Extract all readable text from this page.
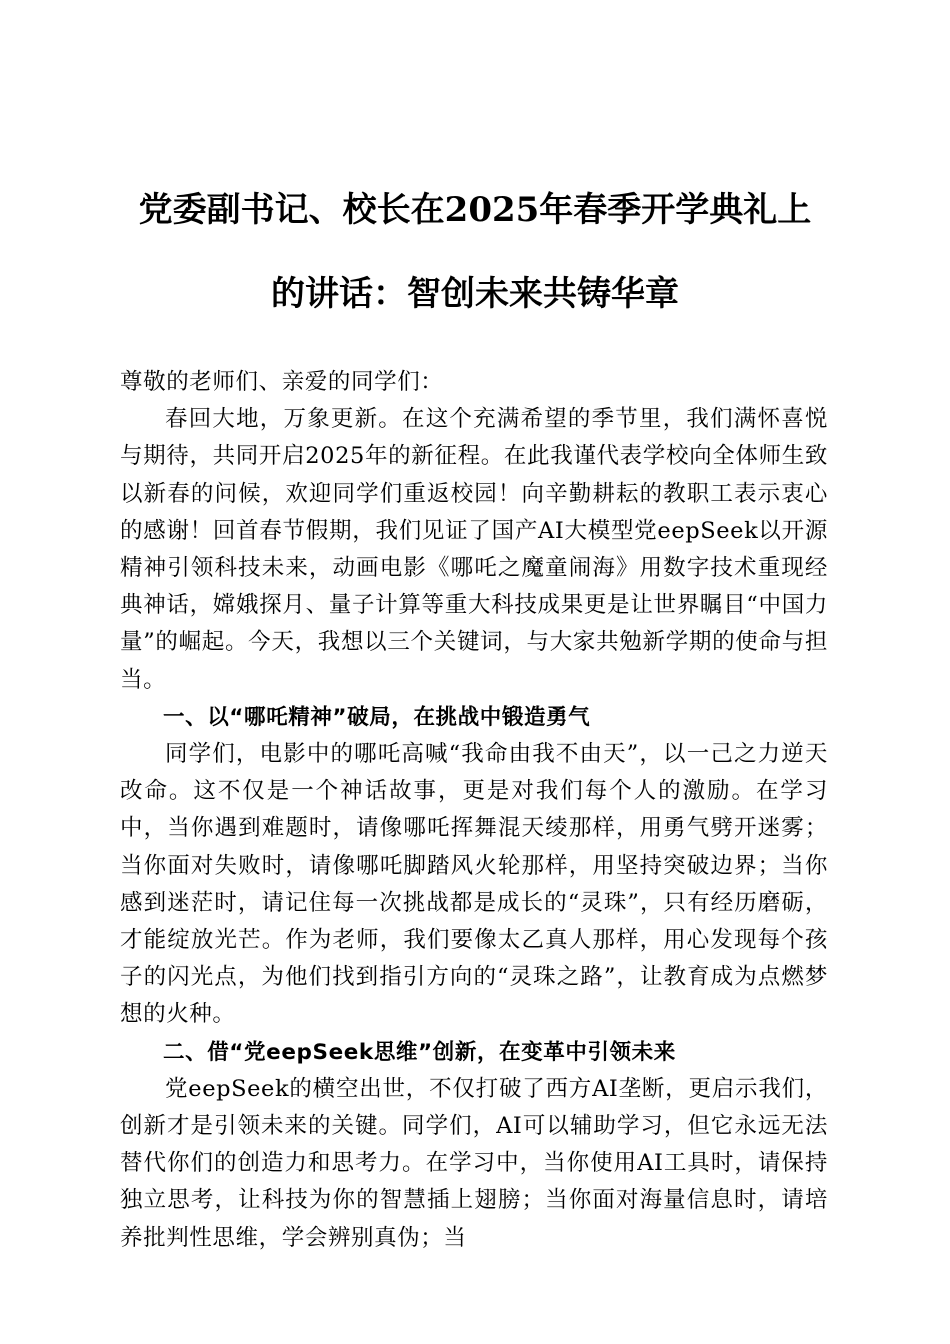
党委副书记、校长在2025年春季开学典礼上
的讲话：智创未来共铸华章

尊敬的老师们、亲爱的同学们：

春回大地，万象更新。在这个充满希望的季节里，我们满怀喜悦与期待，共同开启2025年的新征程。在此我谨代表学校向全体师生致以新春的问候，欢迎同学们重返校园！向辛勤耕耘的教职工表示衷心的感谢！回首春节假期，我们见证了国产AI大模型党eepSeek以开源精神引领科技未来，动画电影《哪吒之魔童闹海》用数字技术重现经典神话，嫦娥探月、量子计算等重大科技成果更是让世界瞩目“中国力量”的崛起。今天，我想以三个关键词，与大家共勉新学期的使命与担当。

一、以“哪吒精神”破局，在挑战中锻造勇气

同学们，电影中的哪吒高喊“我命由我不由天”，以一己之力逆天改命。这不仅是一个神话故事，更是对我们每个人的激励。在学习中，当你遇到难题时，请像哪吒挥舞混天绫那样，用勇气劈开迷雾；当你面对失败时，请像哪吒脚踏风火轮那样，用坚持突破边界；当你感到迷茫时，请记住每一次挑战都是成长的“灵珠”，只有经历磨砺，才能绽放光芒。作为老师，我们要像太乙真人那样，用心发现每个孩子的闪光点，为他们找到指引方向的“灵珠之路”，让教育成为点燃梦想的火种。

二、借“党eepSeek思维”创新，在变革中引领未来

党eepSeek的横空出世，不仅打破了西方AI垄断，更启示我们，创新才是引领未来的关键。同学们，AI可以辅助学习，但它永远无法替代你们的创造力和思考力。在学习中，当你使用AI工具时，请保持独立思考，让科技为你的智慧插上翅膀；当你面对海量信息时，请培养批判性思维，学会辨别真伪；当
